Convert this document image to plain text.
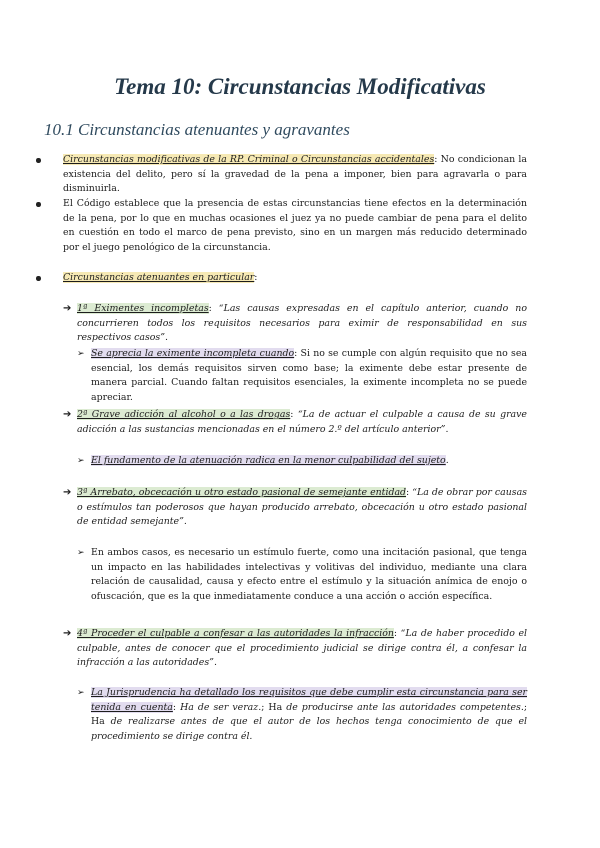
Tema 10: Circunstancias Modificativas
10.1 Circunstancias atenuantes y agravantes
Circunstancias modificativas de la RP. Criminal o Circunstancias accidentales: No condicionan la existencia del delito, pero sí la gravedad de la pena a imponer, bien para agravarla o para disminuirla.
El Código establece que la presencia de estas circunstancias tiene efectos en la determinación de la pena, por lo que en muchas ocasiones el juez ya no puede cambiar de pena para el delito en cuestión en todo el marco de pena previsto, sino en un margen más reducido determinado por el juego penológico de la circunstancia.
Circunstancias atenuantes en particular:
➔ 1ª Eximentes incompletas: “Las causas expresadas en el capítulo anterior, cuando no concurrieren todos los requisitos necesarios para eximir de responsabilidad en sus respectivos casos”.
➢ Se aprecia la eximente incompleta cuando: Si no se cumple con algún requisito que no sea esencial, los demás requisitos sirven como base; la eximente debe estar presente de manera parcial. Cuando faltan requisitos esenciales, la eximente incompleta no se puede apreciar.
➔ 2ª Grave adicción al alcohol o a las drogas: “La de actuar el culpable a causa de su grave adicción a las sustancias mencionadas en el número 2.º del artículo anterior”.
➢ El fundamento de la atenuación radica en la menor culpabilidad del sujeto.
➔ 3ª Arrebato, obcecación u otro estado pasional de semejante entidad: “La de obrar por causas o estímulos tan poderosos que hayan producido arrebato, obcecación u otro estado pasional de entidad semejante”.
➢ En ambos casos, es necesario un estímulo fuerte, como una incitación pasional, que tenga un impacto en las habilidades intelectivas y volitivas del individuo, mediante una clara relación de causalidad, causa y efecto entre el estímulo y la situación anímica de enojo o ofuscación, que es la que inmediatamente conduce a una acción o acción específica.
➔ 4ª Proceder el culpable a confesar a las autoridades la infracción: “La de haber procedido el culpable, antes de conocer que el procedimiento judicial se dirige contra él, a confesar la infracción a las autoridades”.
➢ La Jurisprudencia ha detallado los requisitos que debe cumplir esta circunstancia para ser tenida en cuenta: Ha de ser veraz.; Ha de producirse ante las autoridades competentes.; Ha de realizarse antes de que el autor de los hechos tenga conocimiento de que el procedimiento se dirige contra él.
